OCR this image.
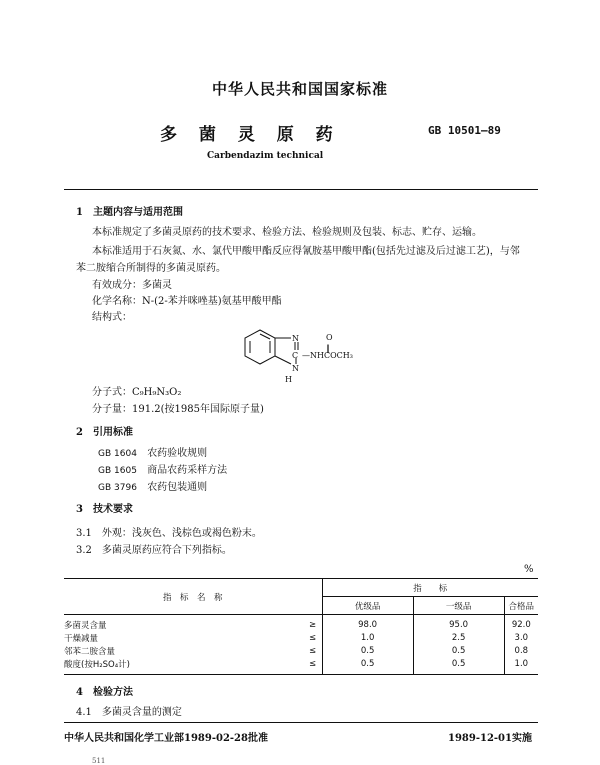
中华人民共和国国家标准
多 菌 灵 原 药	GB 10501—89
Carbendazim technical
1　主题内容与适用范围
本标准规定了多菌灵原药的技术要求、检验方法、检验规则及包装、标志、贮存、运输。
本标准适用于石灰氮、水、氯代甲酸甲酯反应得氰胺基甲酸甲酯(包括先过滤及后过滤工艺)，与邻
苯二胺缩合所制得的多菌灵原药。
有效成分：多菌灵
化学名称：N-(2-苯并咪唑基)氨基甲酸甲酯
结构式：
N
C
N
H
O
‖
—NHCOCH₃
分子式：C₉H₉N₃O₂
分子量：191.2(按1985年国际原子量)
2　引用标准
GB 1604 农药验收规则
GB 1605 商品农药采样方法
GB 3796 农药包装通则
3　技术要求
3.1　外观：浅灰色、浅棕色或褐色粉末。
3.2　多菌灵原药应符合下列指标。
%
指　标　名　称		指　　标		
		优级品	一级品	合格品
多菌灵含量	≥	98.0	95.0	92.0
干燥减量	≤	1.0	2.5	3.0
邻苯二胺含量	≤	0.5	0.5	0.8
酸度(按H₂SO₄计)	≤	0.5	0.5	1.0
4　检验方法
4.1　多菌灵含量的测定
中华人民共和国化学工业部1989-02-28批准	1989-12-01实施
511
